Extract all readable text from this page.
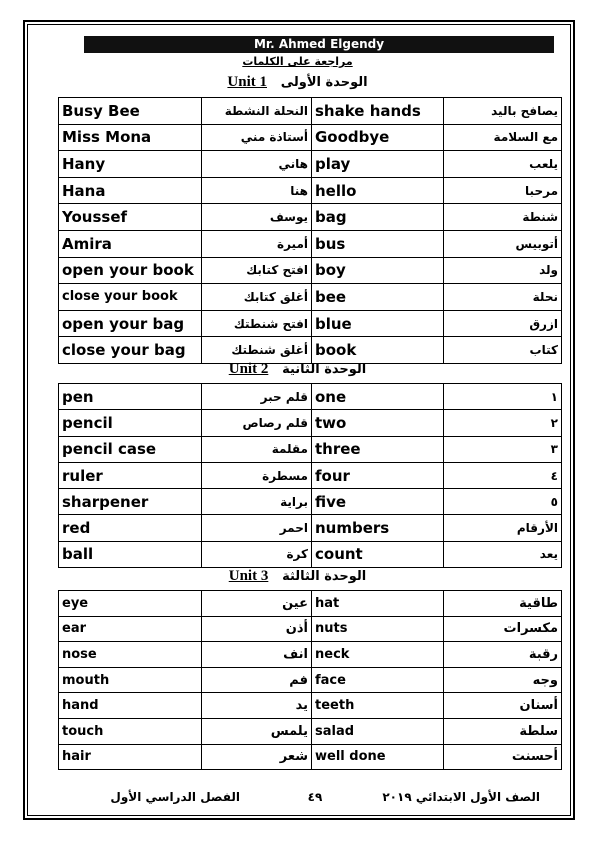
Mr. Ahmed Elgendy
مراجعة على الكلمات
Unit 1 الوحدة الأولى
Busy Bee	النحلة النشطة	shake hands	يصافح باليد
Miss Mona	أستاذة مني	Goodbye	مع السلامة
Hany	هاني	play	يلعب
Hana	هنا	hello	مرحبا
Youssef	يوسف	bag	شنطة
Amira	أميرة	bus	أتوبيس
open your book	افتح كتابك	boy	ولد
close your book	أغلق كتابك	bee	نحلة
open your bag	افتح شنطتك	blue	ازرق
close your bag	أغلق شنطتك	book	كتاب
Unit 2 الوحدة الثانية
pen	قلم حبر	one	١
pencil	قلم رصاص	two	٢
pencil case	مقلمة	three	٣
ruler	مسطرة	four	٤
sharpener	براية	five	٥
red	احمر	numbers	الأرقام
ball	كرة	count	يعد
Unit 3 الوحدة الثالثة
eye	عين	hat	طاقية
ear	أذن	nuts	مكسرات
nose	انف	neck	رقبة
mouth	فم	face	وجه
hand	يد	teeth	أسنان
touch	يلمس	salad	سلطة
hair	شعر	well done	أحسنت
الصف الأول الابتدائي ٢٠١٩
٤٩
الفصل الدراسي الأول
